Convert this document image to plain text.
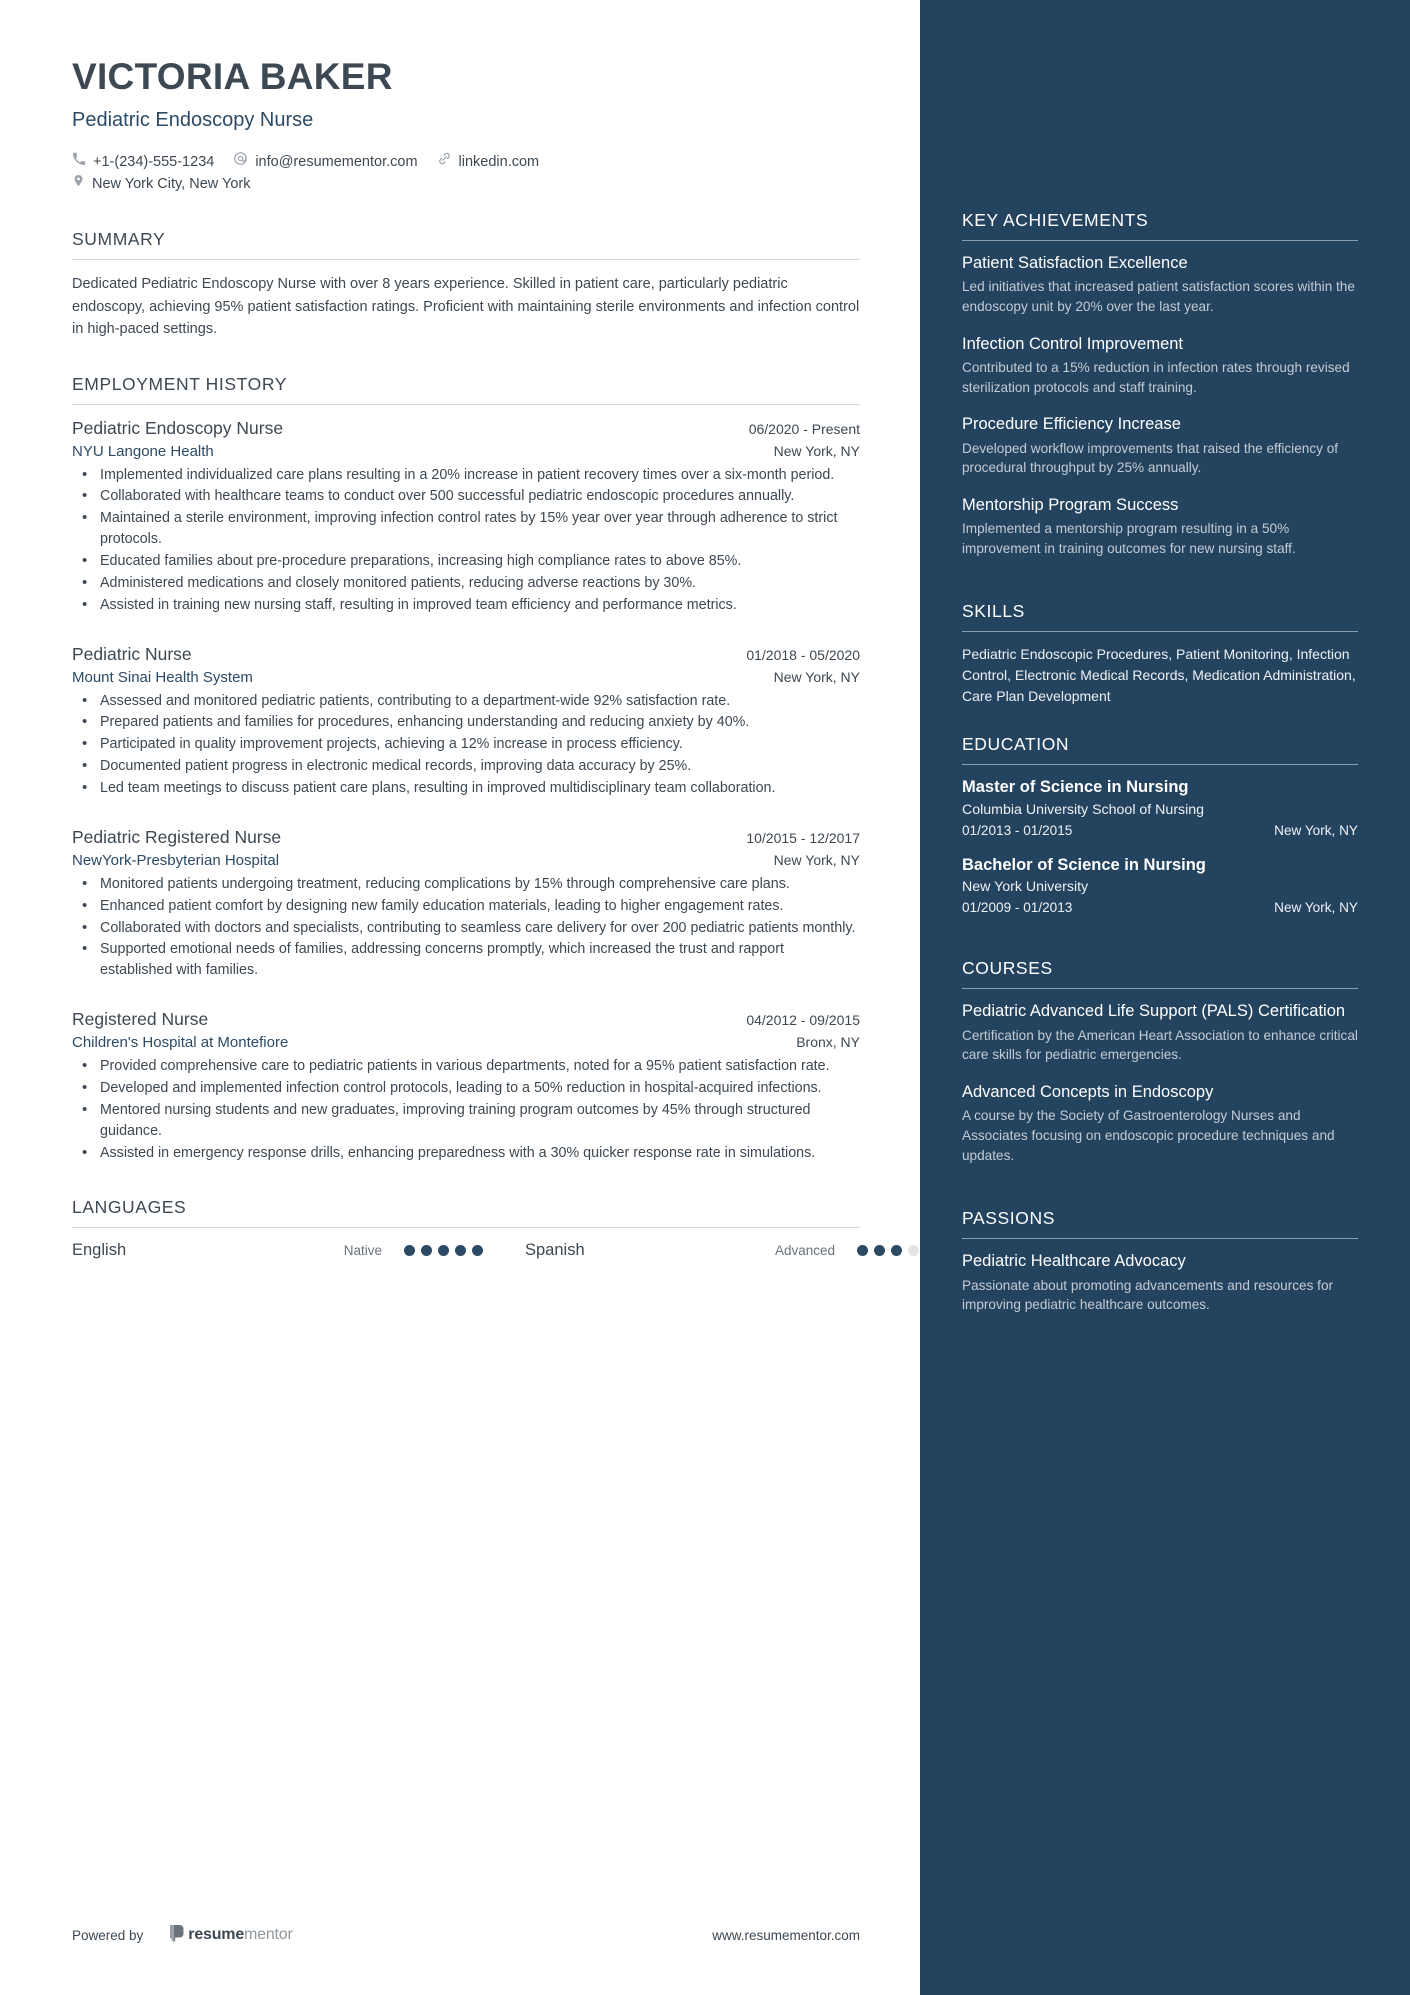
VICTORIA BAKER
Pediatric Endoscopy Nurse
+1-(234)-555-1234	info@resumementor.com	linkedin.com
New York City, New York
SUMMARY
Dedicated Pediatric Endoscopy Nurse with over 8 years experience. Skilled in patient care, particularly pediatric endoscopy, achieving 95% patient satisfaction ratings. Proficient with maintaining sterile environments and infection control in high-paced settings.
EMPLOYMENT HISTORY
Pediatric Endoscopy Nurse	06/2020 - Present
NYU Langone Health	New York, NY
• Implemented individualized care plans resulting in a 20% increase in patient recovery times over a six-month period.
• Collaborated with healthcare teams to conduct over 500 successful pediatric endoscopic procedures annually.
• Maintained a sterile environment, improving infection control rates by 15% year over year through adherence to strict protocols.
• Educated families about pre-procedure preparations, increasing high compliance rates to above 85%.
• Administered medications and closely monitored patients, reducing adverse reactions by 30%.
• Assisted in training new nursing staff, resulting in improved team efficiency and performance metrics.
Pediatric Nurse	01/2018 - 05/2020
Mount Sinai Health System	New York, NY
• Assessed and monitored pediatric patients, contributing to a department-wide 92% satisfaction rate.
• Prepared patients and families for procedures, enhancing understanding and reducing anxiety by 40%.
• Participated in quality improvement projects, achieving a 12% increase in process efficiency.
• Documented patient progress in electronic medical records, improving data accuracy by 25%.
• Led team meetings to discuss patient care plans, resulting in improved multidisciplinary team collaboration.
Pediatric Registered Nurse	10/2015 - 12/2017
NewYork-Presbyterian Hospital	New York, NY
• Monitored patients undergoing treatment, reducing complications by 15% through comprehensive care plans.
• Enhanced patient comfort by designing new family education materials, leading to higher engagement rates.
• Collaborated with doctors and specialists, contributing to seamless care delivery for over 200 pediatric patients monthly.
• Supported emotional needs of families, addressing concerns promptly, which increased the trust and rapport established with families.
Registered Nurse	04/2012 - 09/2015
Children's Hospital at Montefiore	Bronx, NY
• Provided comprehensive care to pediatric patients in various departments, noted for a 95% patient satisfaction rate.
• Developed and implemented infection control protocols, leading to a 50% reduction in hospital-acquired infections.
• Mentored nursing students and new graduates, improving training program outcomes by 45% through structured guidance.
• Assisted in emergency response drills, enhancing preparedness with a 30% quicker response rate in simulations.
LANGUAGES
English	Native	Spanish	Advanced
Powered by	resume mentor	www.resumementor.com
KEY ACHIEVEMENTS
Patient Satisfaction Excellence
Led initiatives that increased patient satisfaction scores within the endoscopy unit by 20% over the last year.
Infection Control Improvement
Contributed to a 15% reduction in infection rates through revised sterilization protocols and staff training.
Procedure Efficiency Increase
Developed workflow improvements that raised the efficiency of procedural throughput by 25% annually.
Mentorship Program Success
Implemented a mentorship program resulting in a 50% improvement in training outcomes for new nursing staff.
SKILLS
Pediatric Endoscopic Procedures, Patient Monitoring, Infection Control, Electronic Medical Records, Medication Administration, Care Plan Development
EDUCATION
Master of Science in Nursing
Columbia University School of Nursing
01/2013 - 01/2015	New York, NY
Bachelor of Science in Nursing
New York University
01/2009 - 01/2013	New York, NY
COURSES
Pediatric Advanced Life Support (PALS) Certification
Certification by the American Heart Association to enhance critical care skills for pediatric emergencies.
Advanced Concepts in Endoscopy
A course by the Society of Gastroenterology Nurses and Associates focusing on endoscopic procedure techniques and updates.
PASSIONS
Pediatric Healthcare Advocacy
Passionate about promoting advancements and resources for improving pediatric healthcare outcomes.
